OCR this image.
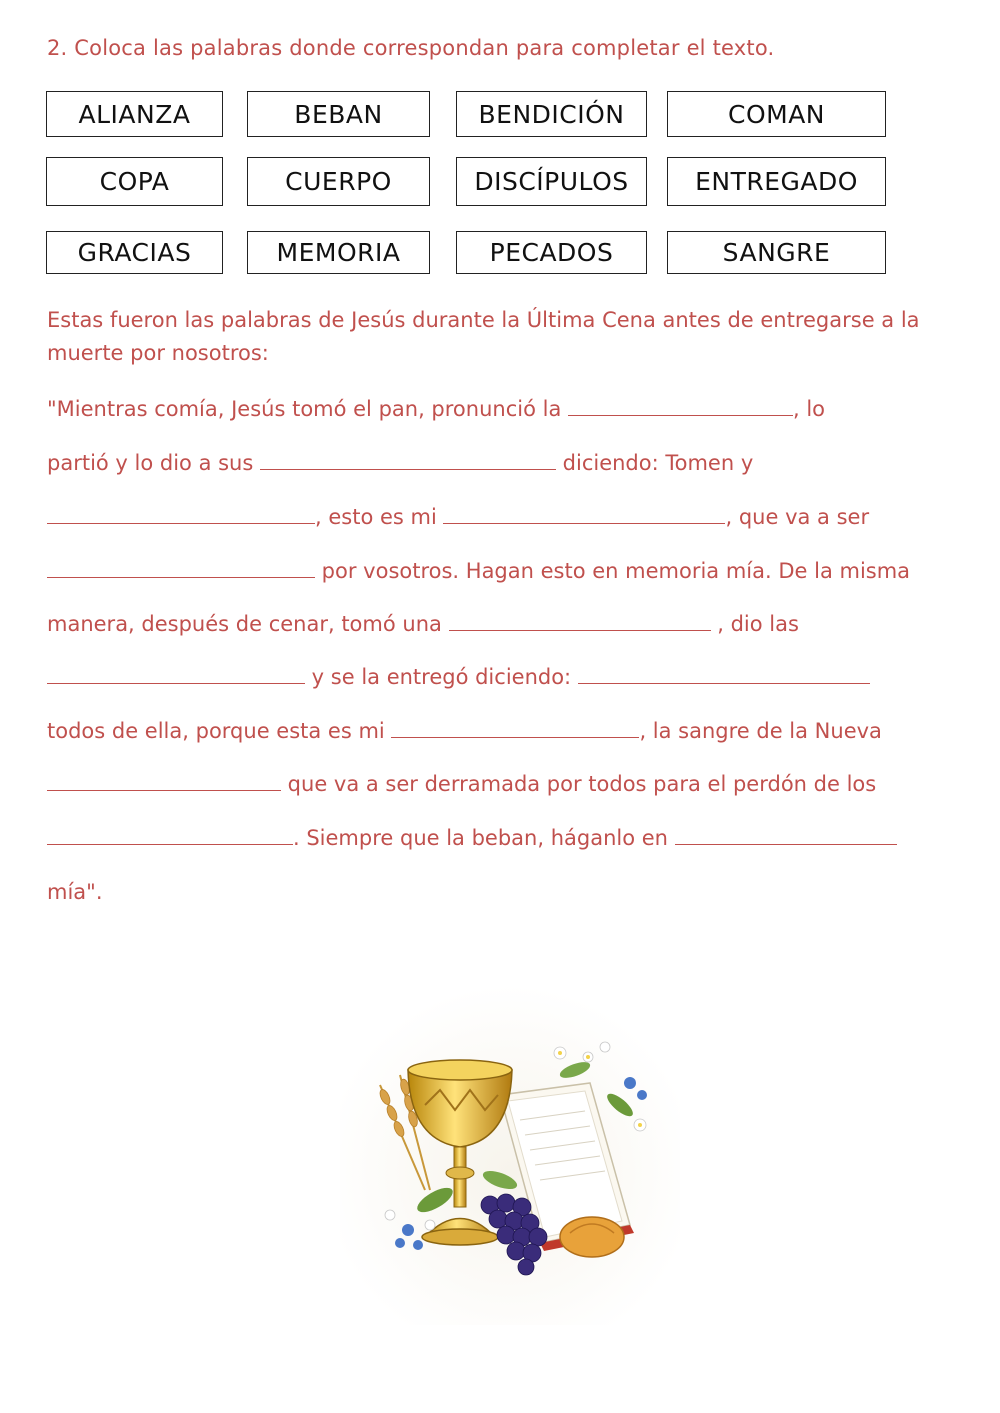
2. Coloca las palabras donde correspondan para completar el texto.
ALIANZA	BEBAN	BENDICIÓN	COMAN
COPA	CUERPO	DISCÍPULOS	ENTREGADO
GRACIAS	MEMORIA	PECADOS	SANGRE
Estas fueron las palabras de Jesús durante la Última Cena antes de entregarse a la muerte por nosotros:
"Mientras comía, Jesús tomó el pan, pronunció la	, lo
partió y lo dio a sus	diciendo: Tomen y
, esto es mi	, que va a ser
por vosotros. Hagan esto en memoria mía. De la misma
manera, después de cenar, tomó una	, dio las
y se la entregó diciendo:
todos de ella, porque esta es mi	, la sangre de la Nueva
que va a ser derramada por todos para el perdón de los
. Siempre que la beban, háganlo en
mía".
